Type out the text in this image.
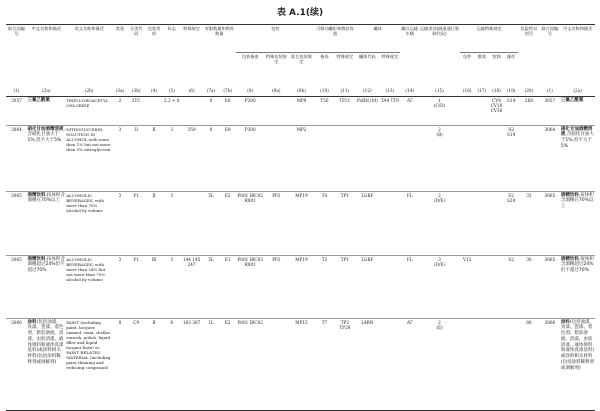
表 A.1(续)
联合国编号	中文名称和描述	英文名称和描述	类别	分类代码	包装类别	标志	特殊规定	有限数量和例外数量		包装			可移动罐柜和散装容器		罐体		罐式运输车辆	运输类别(隧道通行限制代码)	运输特殊规定				危险性识别号	联合国编号	中文名称和描述
										包装指南	特殊包装规定	混合包装规定	指南	特殊规定	罐体代码	特殊规定			包件	散装	装卸	操作			
(1)	(2a)	(2b)	(3a)	(3b)	(4)	(5)	(6)	(7a)	(7b)	(8)	(9a)	(9b)	(10)	(11)	(12)	(13)	(14)	(15)	(16)	(17)	(18)	(19)	(20)	(1)	(2a)
3057	三氟乙酰氯	TRIFLUOROACETYL CHLORIDE	2	2TC		2.3 + 8		0	E0	P200		MP9	T50	TP21	PxBH (M)	TA4 TT9	AT	1
(C/D)			CV9 CV10 CV36	S14	268	3057	三氟乙酰氯
3064	硝化甘油酒精溶液,含硝化甘油大于1%,但不大于5%	NITROGLYCERIN, SOLUTION IN ALCOHOL with more than 1% but not more than 5% nitroglycerin	3	D	Ⅱ	3	359	0	E0	P300		MP2						2
(B)				S2 S14		3064	硝化甘油酒精溶液,含硝化甘油大于1%,但不大于5%
3065	酒精饮料,按体积含酒精在70%以上	ALCOHOLIC BEVERAGES, with more than 70% alcohol by volume	3	F1	Ⅱ	3		5L	E2	P001 IBC02 R001	PP2	MP19	T4	TP1	LGBF		FL	2
(D/E)				S2 S20	33	3065	酒精饮料,按体积含酒精在70%以上
3065	酒精饮料,按体积含酒精超过24%但不超过70%	ALCOHOLIC BEVERAGES, with more than 24% but not more than 70% alcohol by volume	3	F1	Ⅲ	3	144 145 247	5L	E1	P001 IBC03 R001	PP2	MP19	T2	TP1	LGBF		FL	3
(D/E)	V12			S2	30	3065	酒精饮料,按体积含酒精超过24%但不超过70%
3066	涂料(包括油漆、真漆、瓷漆、着色剂、紫胶溶液、清漆、虫胶清漆、液体填料和液体真漆基料)或涂料相关材料(包括涂料稀释剂或调解剂)	PAINT (including paint, lacquer, enamel, stain, shellac, varnish, polish, liquid filler and liquid lacquer base) or PAINT RELATED MATERIAL (including paint thinning and reducing compound)	8	C9	Ⅱ	8	163 367	1L	E2	P001 IBC02		MP15	T7	TP2 TP28	L4BN		AT	2
(E)					80	3066	涂料(包括油漆、真漆、瓷漆、着色剂、紫胶溶液、清漆、虫胶清漆、液体填料和液体真漆基料)或涂料相关材料(包括涂料稀释剂或调解剂)
